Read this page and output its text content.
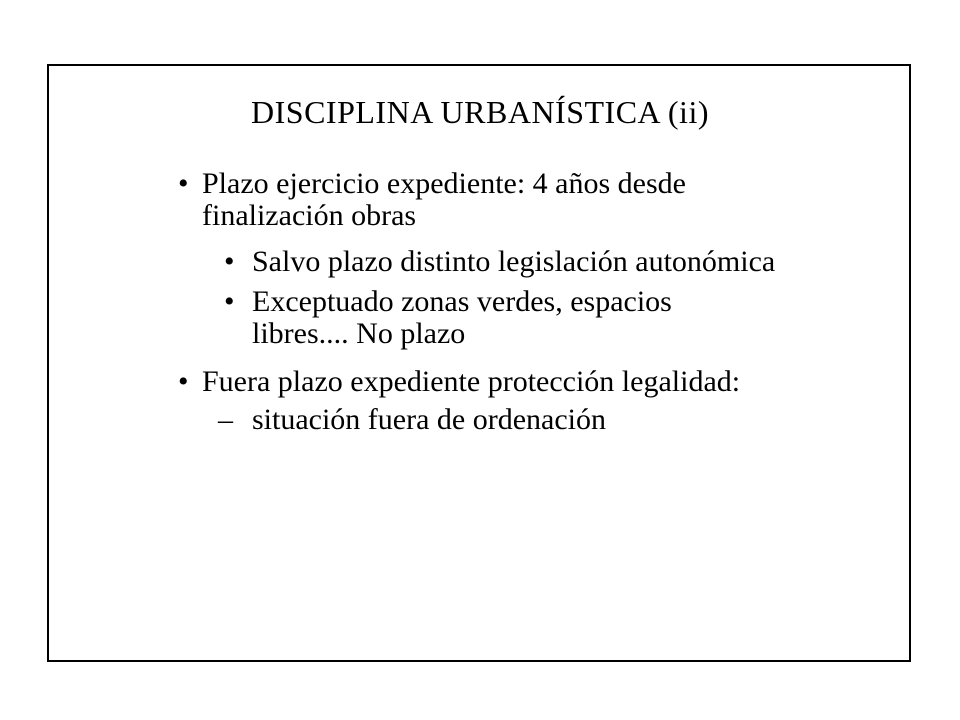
DISCIPLINA URBANÍSTICA (ii)
• Plazo ejercicio expediente: 4 años desde
finalización obras
• Salvo plazo distinto legislación autonómica
• Exceptuado zonas verdes, espacios
libres.... No plazo
• Fuera plazo expediente protección legalidad:
– situación fuera de ordenación
